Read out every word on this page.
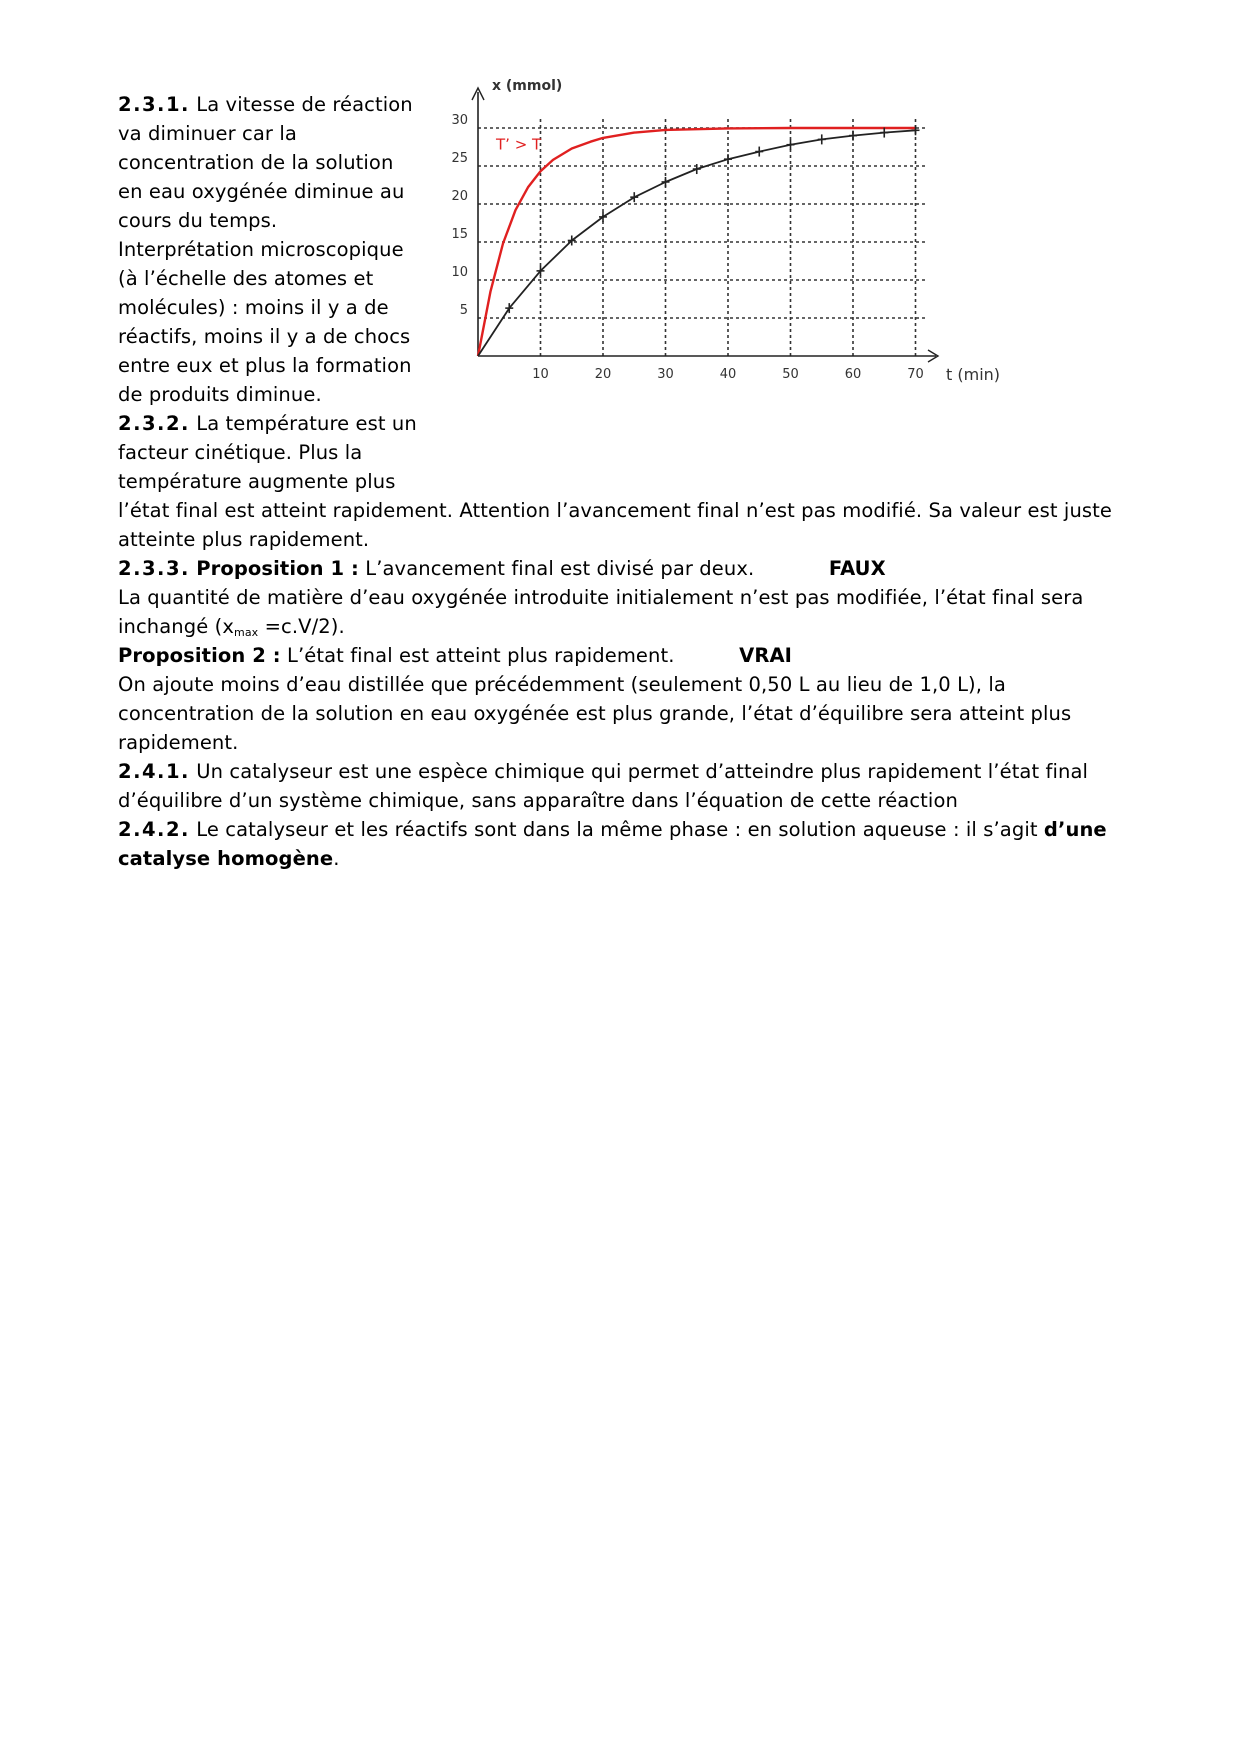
2.3.1. La vitesse de réaction va diminuer car la concentration de la solution en eau oxygénée diminue au cours du temps.
Interprétation microscopique (à l’échelle des atomes et molécules) : moins il y a de réactifs, moins il y a de chocs entre eux et plus la formation de produits diminue.
2.3.2. La température est un facteur cinétique. Plus la température augmente plus
10	20	30	40	50	60	70
5
10
15
20
25
30
x (mmol)
t (min)
T’ > T
l’état final est atteint rapidement. Attention l’avancement final n’est pas modifié. Sa valeur est juste atteinte plus rapidement.
2.3.3. Proposition 1 : L’avancement final est divisé par deux.	FAUX
La quantité de matière d’eau oxygénée introduite initialement n’est pas modifiée, l’état final sera inchangé $(x_{max} =c.V/2)$.
Proposition 2 : L’état final est atteint plus rapidement.	VRAI
On ajoute moins d’eau distillée que précédemment (seulement 0,50 L au lieu de 1,0 L), la concentration de la solution en eau oxygénée est plus grande, l’état d’équilibre sera atteint plus rapidement.
2.4.1. Un catalyseur est une espèce chimique qui permet d’atteindre plus rapidement l’état final d’équilibre d’un système chimique, sans apparaître dans l’équation de cette réaction
2.4.2. Le catalyseur et les réactifs sont dans la même phase : en solution aqueuse : il s’agit d’une catalyse homogène.
